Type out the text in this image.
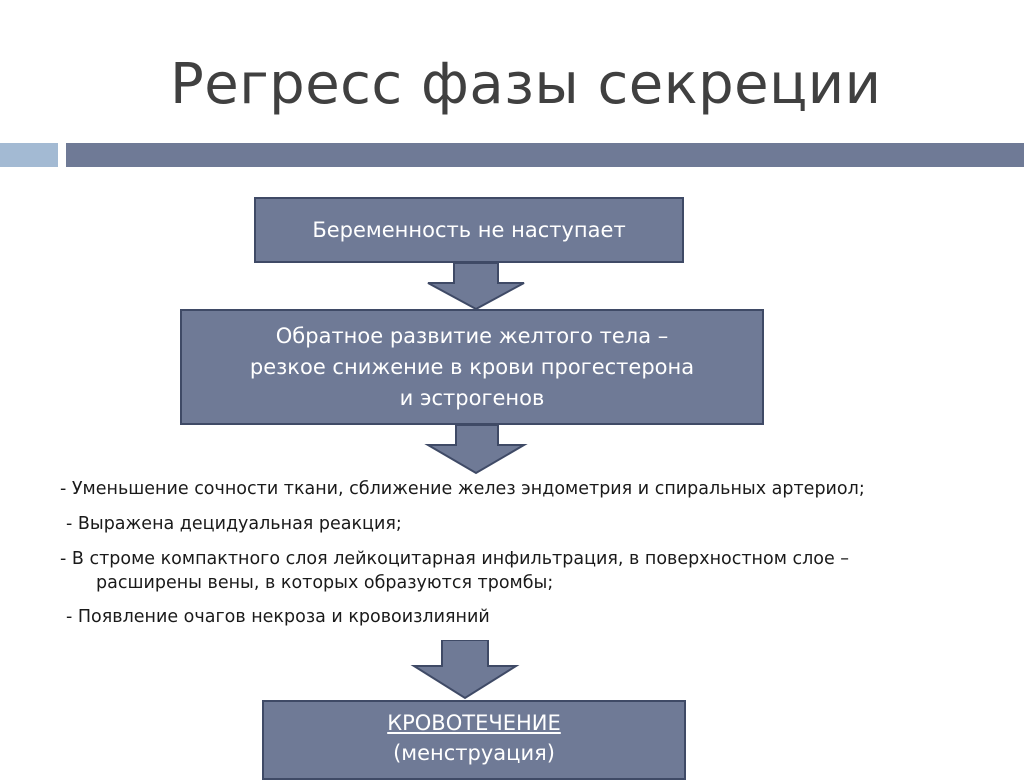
Регресс фазы секреции
Беременность не наступает
Обратное развитие желтого тела –
резкое снижение в крови прогестерона
и эстрогенов
- Уменьшение сочности ткани, сближение желез эндометрия и спиральных артериол;
- Выражена децидуальная реакция;
- В строме компактного слоя лейкоцитарная инфильтрация, в поверхностном слое –
расширены вены, в которых образуются тромбы;
- Появление очагов некроза и кровоизлияний
КРОВОТЕЧЕНИЕ
(менструация)
